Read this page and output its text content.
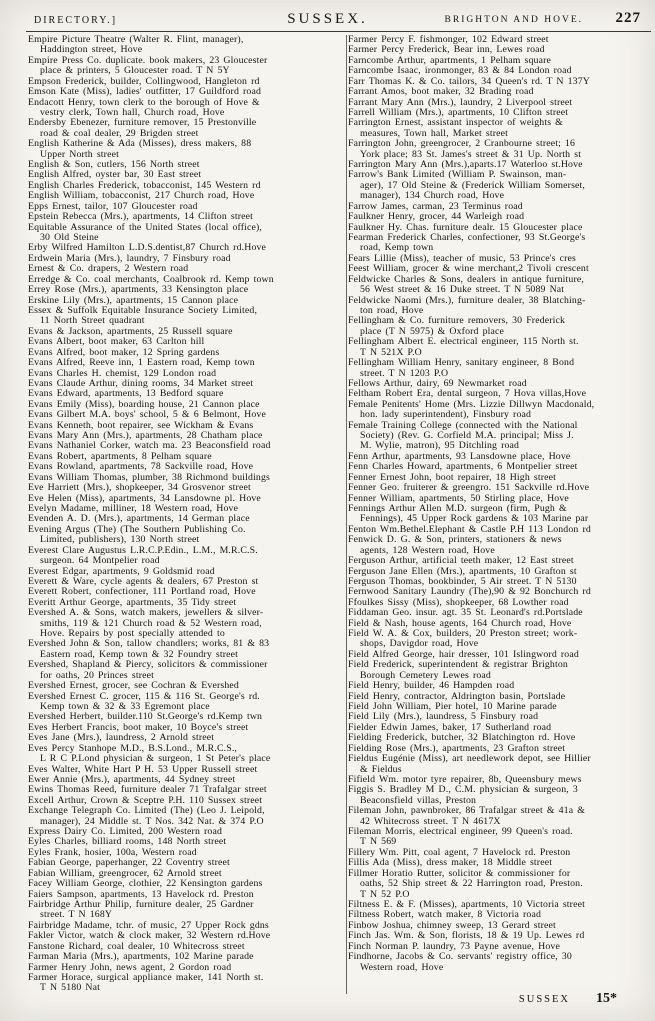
DIRECTORY.]	SUSSEX.	BRIGHTON AND HOVE. 227
Empire Picture Theatre (Walter R. Flint, manager),
Haddington street, Hove
Empire Press Co. duplicate. book makers, 23 Gloucester
place & printers, 5 Gloucester road. T N 5Y
Empson Frederick, builder, Collingwood, Hangleton rd
Emson Kate (Miss), ladies' outfitter, 17 Guildford road
Endacott Henry, town clerk to the borough of Hove &
vestry clerk, Town hall, Church road, Hove
Endersby Ebenezer, furniture remover, 15 Prestonville
road & coal dealer, 29 Brigden street
English Katherine & Ada (Misses), dress makers, 88
Upper North street
English & Son, cutlers, 156 North street
English Alfred, oyster bar, 30 East street
English Charles Frederick, tobacconist, 145 Western rd
English William, tobacconist, 217 Church road, Hove
Epps Ernest, tailor, 107 Gloucester road
Epstein Rebecca (Mrs.), apartments, 14 Clifton street
Equitable Assurance of the United States (local office),
30 Old Steine
Erby Wilfred Hamilton L.D.S.dentist,87 Church rd.Hove
Erdwein Maria (Mrs.), laundry, 7 Finsbury road
Ernest & Co. drapers, 2 Western road
Erredge & Co. coal merchants, Coalbrook rd. Kemp town
Errey Rose (Mrs.), apartments, 33 Kensington place
Erskine Lily (Mrs.), apartments, 15 Cannon place
Essex & Suffolk Equitable Insurance Society Limited,
11 North Street quadrant
Evans & Jackson, apartments, 25 Russell square
Evans Albert, boot maker, 63 Carlton hill
Evans Alfred, boot maker, 12 Spring gardens
Evans Alfred, Reeve inn, 1 Eastern road, Kemp town
Evans Charles H. chemist, 129 London road
Evans Claude Arthur, dining rooms, 34 Market street
Evans Edward, apartments, 13 Bedford square
Evans Emily (Miss), boarding house, 21 Cannon place
Evans Gilbert M.A. boys' school, 5 & 6 Belmont, Hove
Evans Kenneth, boot repairer, see Wickham & Evans
Evans Mary Ann (Mrs.), apartments, 28 Chatham place
Evans Nathaniel Corker, watch ma. 23 Beaconsfield road
Evans Robert, apartments, 8 Pelham square
Evans Rowland, apartments, 78 Sackville road, Hove
Evans William Thomas, plumber, 38 Richmond buildings
Eve Harriett (Mrs.), shopkeeper, 34 Grosvenor street
Eve Helen (Miss), apartments, 34 Lansdowne pl. Hove
Evelyn Madame, milliner, 18 Western road, Hove
Evenden A. D. (Mrs.), apartments, 14 German place
Evening Argus (The) (The Southern Publishing Co.
Limited, publishers), 130 North street
Everest Clare Augustus L.R.C.P.Edin., L.M., M.R.C.S.
surgeon. 64 Montpelier road
Everest Edgar, apartments, 9 Goldsmid road
Everett & Ware, cycle agents & dealers, 67 Preston st
Everett Robert, confectioner, 111 Portland road, Hove
Everitt Arthur George, apartments, 35 Tidy street
Evershed A. & Sons, watch makers, jewellers & silver-
smiths, 119 & 121 Church road & 52 Western road,
Hove. Repairs by post specially attended to
Evershed John & Son, tallow chandlers; works, 81 & 83
Eastern road, Kemp town & 32 Foundry street
Evershed, Shapland & Piercy, solicitors & commissioner
for oaths, 20 Princes street
Evershed Ernest, grocer, see Cochran & Evershed
Evershed Ernest C. grocer, 115 & 116 St. George's rd.
Kemp town & 32 & 33 Egremont place
Evershed Herbert, builder.110 St.George's rd.Kemp twn
Eves Herbert Francis, boot maker, 10 Boyce's street
Eves Jane (Mrs.), laundress, 2 Arnold street
Eves Percy Stanhope M.D., B.S.Lond., M.R.C.S.,
L R C P.Lond physician & surgeon, 1 St Peter's place
Eves Walter, White Hart P H. 53 Upper Russell street
Ewer Annie (Mrs.), apartments, 44 Sydney street
Ewins Thomas Reed, furniture dealer 71 Trafalgar street
Excell Arthur, Crown & Sceptre P.H. 110 Sussex street
Exchange Telegraph Co. Limited (The) (Leo J. Leipold,
manager), 24 Middle st. T Nos. 342 Nat. & 374 P.O
Express Dairy Co. Limited, 200 Western road
Eyles Charles, billiard rooms, 148 North street
Eyles Frank, hosier, 100a, Western road
Fabian George, paperhanger, 22 Coventry street
Fabian William, greengrocer, 62 Arnold street
Facey William George, clothier, 22 Kensington gardens
Faiers Sampson, apartments, 13 Havelock rd. Preston
Fairbridge Arthur Philip, furniture dealer, 25 Gardner
street. T N 168Y
Fairbridge Madame, tchr. of music, 27 Upper Rock gdns
Fakler Victor, watch & clock maker, 32 Western rd.Hove
Fanstone Richard, coal dealer, 10 Whitecross street
Farman Maria (Mrs.), apartments, 102 Marine parade
Farmer Henry John, news agent, 2 Gordon road
Farmer Horace, surgical appliance maker, 141 North st.
T N 5180 Nat
Farmer Percy F. fishmonger, 102 Edward street
Farmer Percy Frederick, Bear inn, Lewes road
Farncombe Arthur, apartments, 1 Pelham square
Farncombe Isaac, ironmonger, 83 & 84 London road
Farr Thomas K. & Co. tailors, 34 Queen's rd. T N 137Y
Farrant Amos, boot maker, 32 Brading road
Farrant Mary Ann (Mrs.), laundry, 2 Liverpool street
Farrell William (Mrs.), apartments, 10 Clifton street
Farrington Ernest, assistant inspector of weights &
measures, Town hall, Market street
Farrington John, greengrocer, 2 Cranbourne street; 16
York place; 83 St. James's street & 31 Up. North st
Farrington Mary Ann (Mrs.),aparts.17 Waterloo st.Hove
Farrow's Bank Limited (William P. Swainson, man-
ager), 17 Old Steine & (Frederick William Somerset,
manager), 134 Church road, Hove
Farrow James, carman, 23 Terminus road
Faulkner Henry, grocer, 44 Warleigh road
Faulkner Hy. Chas. furniture dealr. 15 Gloucester place
Fearman Frederick Charles, confectioner, 93 St.George's
road, Kemp town
Fears Lillie (Miss), teacher of music, 53 Prince's cres
Feest William, grocer & wine merchant,2 Tivoli crescent
Feldwicke Charles & Sons, dealers in antique furniture,
56 West street & 16 Duke street. T N 5089 Nat
Feldwicke Naomi (Mrs.), furniture dealer, 38 Blatching-
ton road, Hove
Fellingham & Co. furniture removers, 30 Frederick
place (T N 5975) & Oxford place
Fellingham Albert E. electrical engineer, 115 North st.
T N 521X P.O
Fellingham William Henry, sanitary engineer, 8 Bond
street. T N 1203 P.O
Fellows Arthur, dairy, 69 Newmarket road
Feltham Robert Era, dental surgeon, 7 Hova villas,Hove
Female Penitents' Home (Mrs. Lizzie Dillwyn Macdonald,
hon. lady superintendent), Finsbury road
Female Training College (connected with the National
Society) (Rev. G. Corfield M.A. principal; Miss J.
M. Wylie, matron), 95 Ditchling road
Fenn Arthur, apartments, 93 Lansdowne place, Hove
Fenn Charles Howard, apartments, 6 Montpelier street
Fenner Ernest John, boot repairer, 18 High street
Fenner Geo. fruiterer & greengro. 151 Sackville rd.Hove
Fenner William, apartments, 50 Stirling place, Hove
Fennings Arthur Allen M.D. surgeon (firm, Pugh &
Fennings), 45 Upper Rock gardens & 103 Marine par
Fenton Wm.Bethel.Elephant & Castle P.H 113 London rd
Fenwick D. G. & Son, printers, stationers & news
agents, 128 Western road, Hove
Ferguson Arthur, artificial teeth maker, 12 East street
Ferguson Jane Ellen (Mrs.), apartments, 10 Grafton st
Ferguson Thomas, bookbinder, 5 Air street. T N 5130
Fernwood Sanitary Laundry (The),90 & 92 Bonchurch rd
Ffoulkes Sissy (Miss), shopkeeper, 68 Lowther road
Fiddaman Geo. insur. agt. 35 St. Leonard's rd.Portslade
Field & Nash, house agents, 164 Church road, Hove
Field W. A. & Cox, builders, 20 Preston street; work-
shops, Davigdor road, Hove
Field Alfred George, hair dresser, 101 Islingword road
Field Frederick, superintendent & registrar Brighton
Borough Cemetery Lewes road
Field Henry, builder, 46 Hampden road
Field Henry, contractor, Aldrington basin, Portslade
Field John William, Pier hotel, 10 Marine parade
Field Lily (Mrs.), laundress, 5 Finsbury road
Fielder Edwin James, baker, 17 Sutherland road
Fielding Frederick, butcher, 32 Blatchington rd. Hove
Fielding Rose (Mrs.), apartments, 23 Grafton street
Fieldus Eugénie (Miss), art needlework depot, see Hillier
& Fieldus
Fifield Wm. motor tyre repairer, 8b, Queensbury mews
Figgis S. Bradley M D., C.M. physician & surgeon, 3
Beaconsfield villas, Preston
Fileman John, pawnbroker, 86 Trafalgar street & 41a &
42 Whitecross street. T N 4617X
Fileman Morris, electrical engineer, 99 Queen's road.
T N 569
Fillery Wm. Pitt, coal agent, 7 Havelock rd. Preston
Fillis Ada (Miss), dress maker, 18 Middle street
Fillmer Horatio Rutter, solicitor & commissioner for
oaths, 52 Ship street & 22 Harrington road, Preston.
T N 52 P.O
Filtness E. & F. (Misses), apartments, 10 Victoria street
Filtness Robert, watch maker, 8 Victoria road
Finbow Joshua, chimney sweep, 13 Gerard street
Finch Jas. Wm. & Son, florists, 18 & 19 Up. Lewes rd
Finch Norman P. laundry, 73 Payne avenue, Hove
Findhorne, Jacobs & Co. servants' registry office, 30
Western road, Hove
SUSSEX 15*
